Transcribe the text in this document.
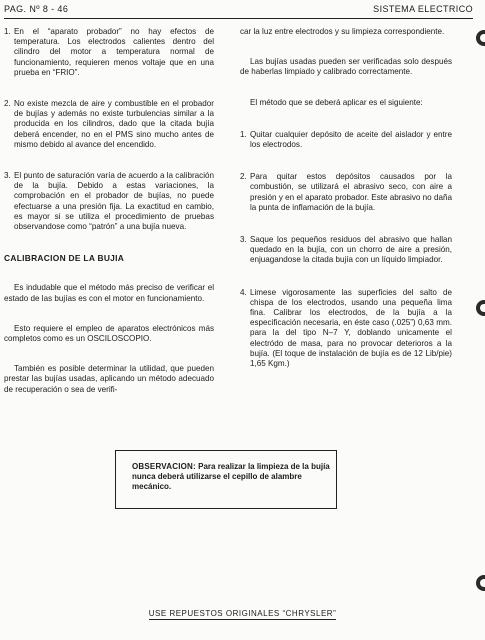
PAG. Nº 8 - 46	SISTEMA ELECTRICO
1. En el “aparato probador” no hay efectos de temperatura. Los electrodos calientes dentro del cilindro del motor a temperatura normal de funcionamiento, requieren menos voltaje que en una prueba en “FRIO”.
2. No existe mezcla de aire y combustible en el probador de bujías y además no existe turbulencias similar a la producida en los cilindros, dado que la citada bujía deberá encender, no en el PMS sino mucho antes de mismo debido al avance del encendido.
3. El punto de saturación varía de acuerdo a la calibración de la bujía. Debido a estas variaciones, la comprobación en el probador de bujías, no puede efectuarse a una presión fija. La exactitud en cambio, es mayor si se utiliza el procedimiento de pruebas observandose como “patrón” a una bujía nueva.

CALIBRACION DE LA BUJIA

Es indudable que el método más preciso de verificar el estado de las bujías es con el motor en funcionamiento.

Esto requiere el empleo de aparatos electrónicos más completos como es un OSCILOSCOPIO.

También es posible determinar la utilidad, que pueden prestar las bujías usadas, aplicando un método adecuado de recuperación o sea de verifi-

car la luz entre electrodos y su limpieza correspondiente.

Las bujías usadas pueden ser verificadas solo después de haberlas limpiado y calibrado correctamente.

El método que se deberá aplicar es el siguiente:

1. Quitar cualquier depósito de aceite del aislador y entre los electrodos.
2. Para quitar estos depósitos causados por la combustión, se utilizará el abrasivo seco, con aire a presión y en el aparato probador. Este abrasivo no daña la punta de inflamación de la bujía.
3. Saque los pequeños residuos del abrasivo que hallan quedado en la bujía, con un chorro de aire a presión, enjuagandose la citada bujía con un líquido limpiador.
4. Limese vigorosamente las superficies del salto de chispa de los electrodos, usando una pequeña lima fina. Calibrar los electrodos, de la bujía a la especificación necesaria, en éste caso (.025”) 0,63 mm. para la del tipo N–7 Y, doblando unicamente el electródo de masa, para no provocar deterioros a la bujía. (El toque de instalación de bujía es de 12 Lib/pie) 1,65 Kgm.)
OBSERVACION: Para realizar la limpieza de la bujía nunca deberá utilizarse el cepillo de alambre mecánico.
USE REPUESTOS ORIGINALES “CHRYSLER”
